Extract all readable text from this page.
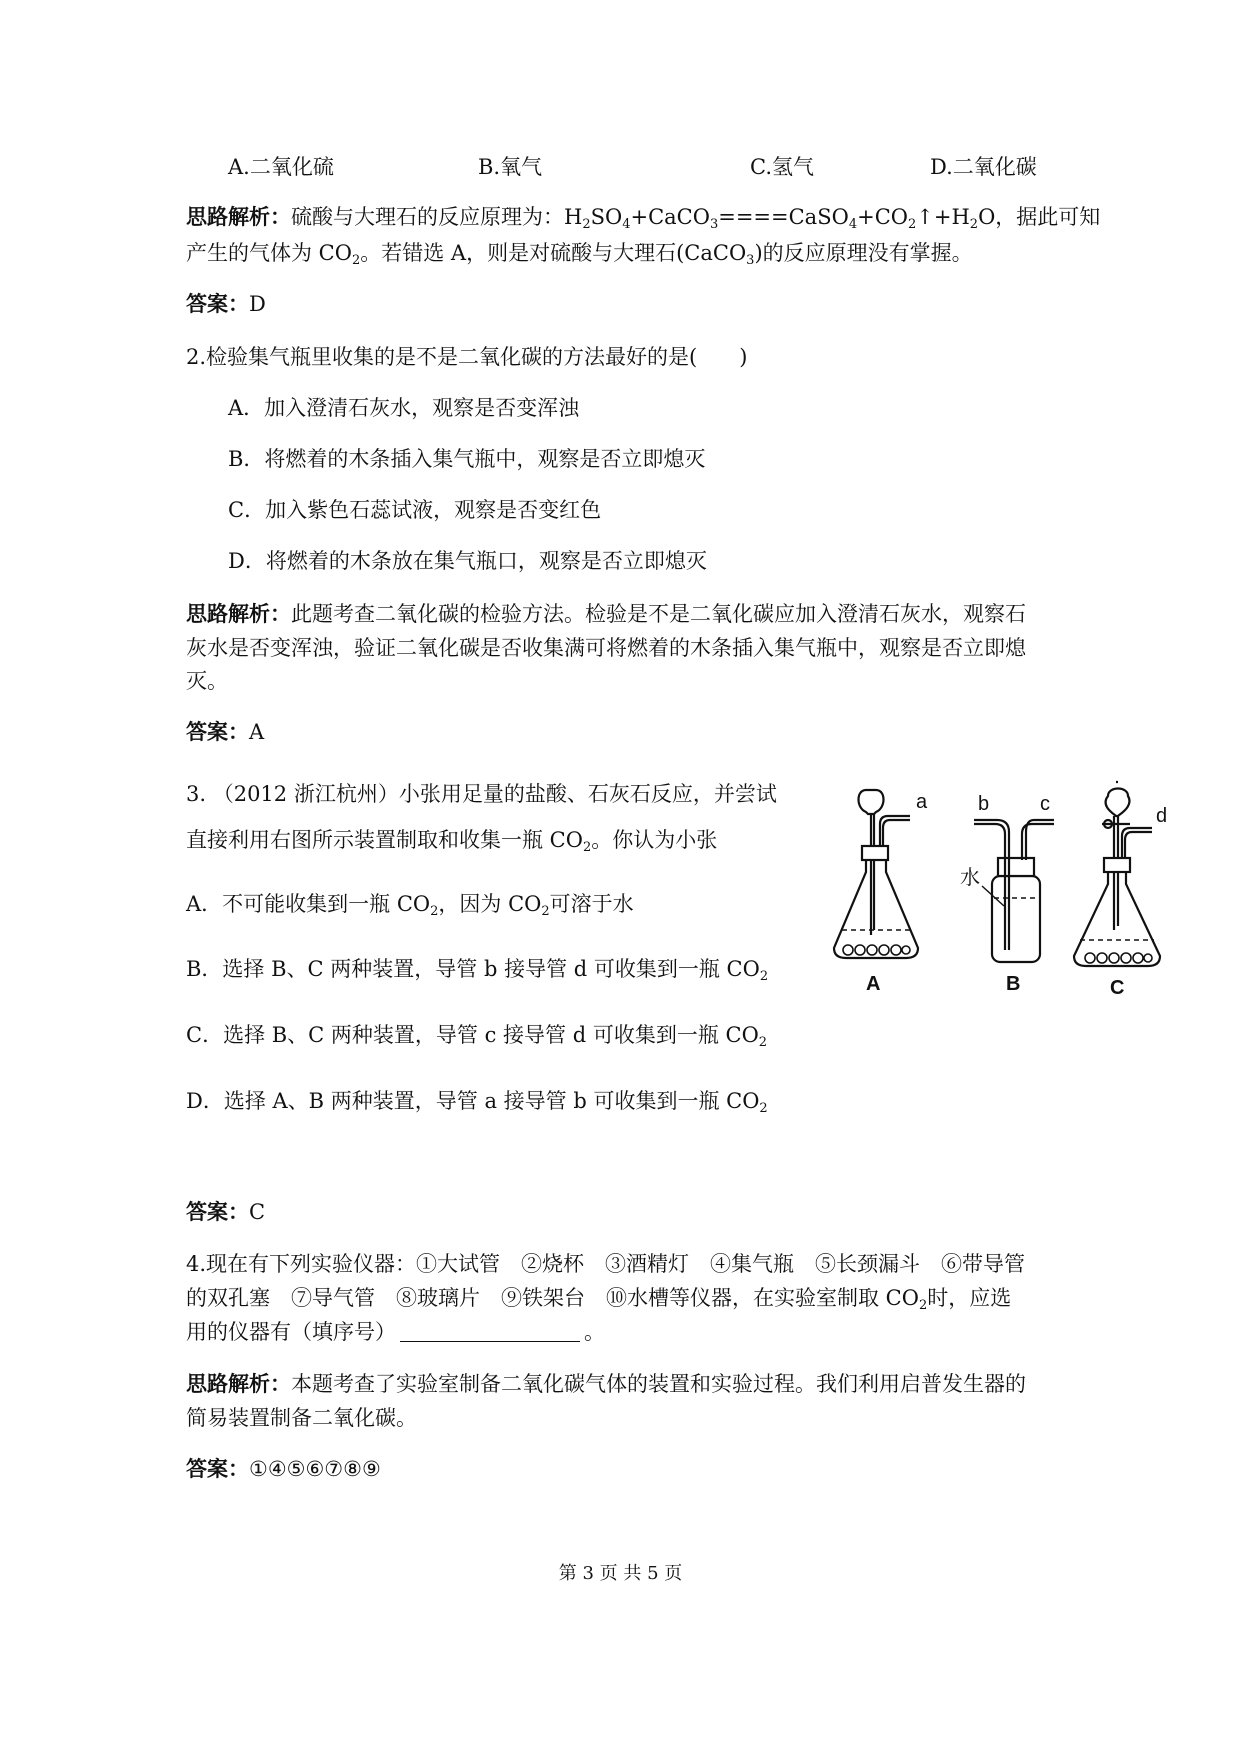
A.二氧化硫	B.氧气	C.氢气	D.二氧化碳
思路解析：硫酸与大理石的反应原理为：$H_2SO_4+CaCO_3====CaSO_4+CO_2↑+H_2O$，据此可知
产生的气体为 $CO_2$。若错选 A，则是对硫酸与大理石(CaCO$_3$)的反应原理没有掌握。
答案：D
2.检验集气瓶里收集的是不是二氧化碳的方法最好的是(　　)
A．加入澄清石灰水，观察是否变浑浊
B．将燃着的木条插入集气瓶中，观察是否立即熄灭
C．加入紫色石蕊试液，观察是否变红色
D．将燃着的木条放在集气瓶口，观察是否立即熄灭
思路解析：此题考查二氧化碳的检验方法。检验是不是二氧化碳应加入澄清石灰水，观察石
灰水是否变浑浊，验证二氧化碳是否收集满可将燃着的木条插入集气瓶中，观察是否立即熄
灭。
答案：A
3. （2012 浙江杭州）小张用足量的盐酸、石灰石反应，并尝试
直接利用右图所示装置制取和收集一瓶 $CO_2$。你认为小张
A．不可能收集到一瓶 $CO_2$，因为 $CO_2$可溶于水
B．选择 B、C 两种装置，导管 b 接导管 d 可收集到一瓶 $CO_2$
C．选择 B、C 两种装置，导管 c 接导管 d 可收集到一瓶 $CO_2$
D．选择 A、B 两种装置，导管 a 接导管 b 可收集到一瓶 $CO_2$
a	b	c
d
水
A	B	C
答案：C
4.现在有下列实验仪器：①大试管　②烧杯　③酒精灯　④集气瓶　⑤长颈漏斗　⑥带导管
的双孔塞　⑦导气管　⑧玻璃片　⑨铁架台　⑩水槽等仪器，在实验室制取 $CO_2$时，应选
用的仪器有（填序号）	。
思路解析：本题考查了实验室制备二氧化碳气体的装置和实验过程。我们利用启普发生器的
简易装置制备二氧化碳。
答案：①④⑤⑥⑦⑧⑨
第 3 页 共 5 页
